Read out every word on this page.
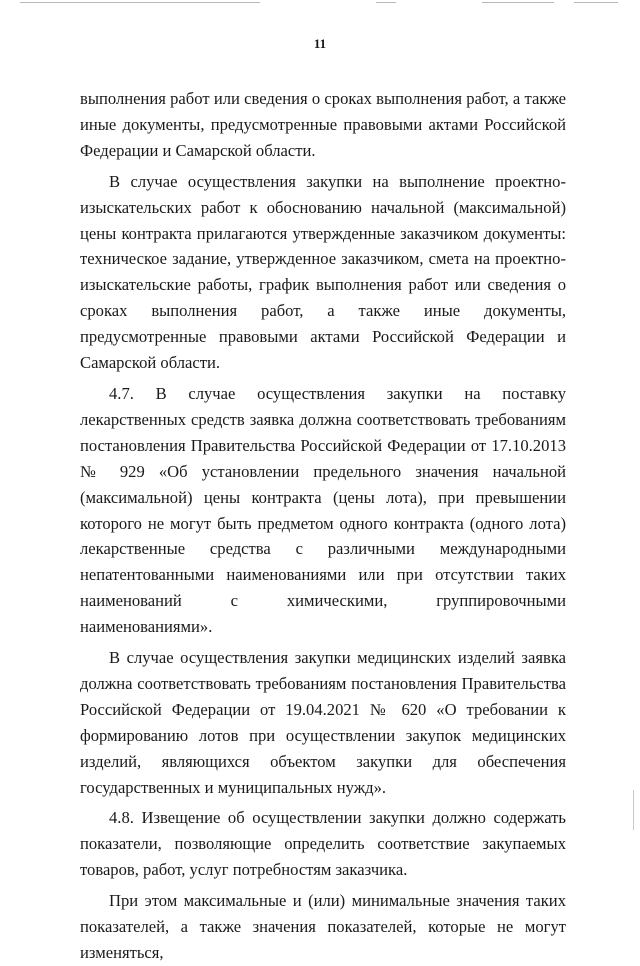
11

выполнения работ или сведения о сроках выполнения работ, а также иные документы, предусмотренные правовыми актами Российской Федерации и Самарской области.

В случае осуществления закупки на выполнение проектно-изыскательских работ к обоснованию начальной (максимальной) цены контракта прилагаются утвержденные заказчиком документы: техническое задание, утвержденное заказчиком, смета на проектно-изыскательские работы, график выполнения работ или сведения о сроках выполнения работ, а также иные документы, предусмотренные правовыми актами Российской Федерации и Самарской области.

4.7. В случае осуществления закупки на поставку лекарственных средств заявка должна соответствовать требованиям постановления Правительства Российской Федерации от 17.10.2013 № 929 «Об установлении предельного значения начальной (максимальной) цены контракта (цены лота), при превышении которого не могут быть предметом одного контракта (одного лота) лекарственные средства с различными международными непатентованными наименованиями или при отсутствии таких наименований с химическими, группировочными наименованиями».

В случае осуществления закупки медицинских изделий заявка должна соответствовать требованиям постановления Правительства Российской Федерации от 19.04.2021 № 620 «О требовании к формированию лотов при осуществлении закупок медицинских изделий, являющихся объектом закупки для обеспечения государственных и муниципальных нужд».

4.8. Извещение об осуществлении закупки должно содержать показатели, позволяющие определить соответствие закупаемых товаров, работ, услуг потребностям заказчика.

При этом максимальные и (или) минимальные значения таких показателей, а также значения показателей, которые не могут изменяться,
